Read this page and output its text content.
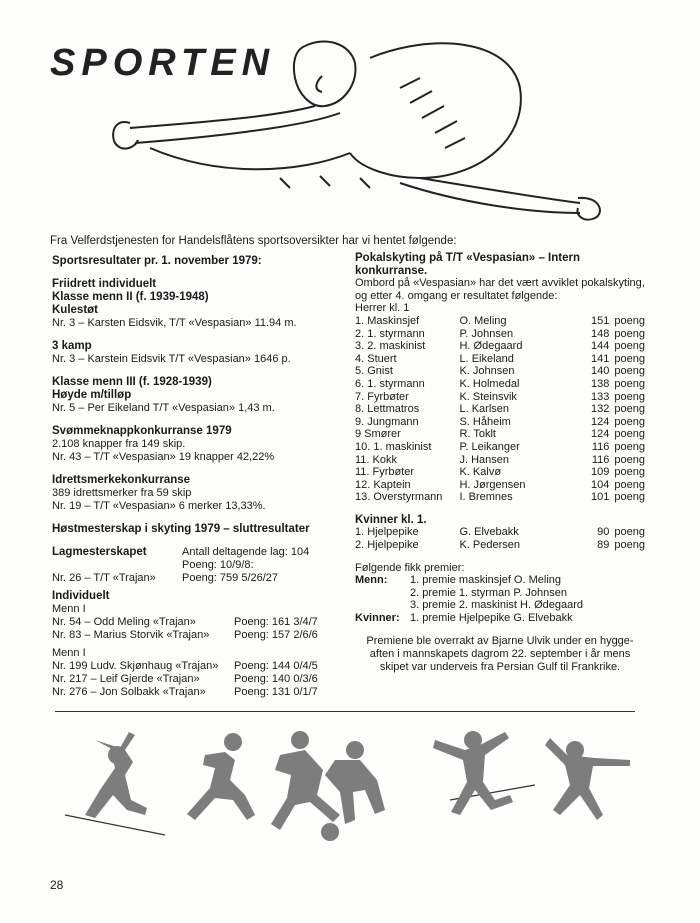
SPORTEN
Fra Velferdstjenesten for Handelsflåtens sportsoversikter har vi hentet følgende:
Sportsresultater pr. 1. november 1979:
Friidrett individuelt
Klasse menn II (f. 1939-1948)
Kulestøt
Nr. 3 – Karsten Eidsvik, T/T «Vespasian» 11.94 m.
3 kamp
Nr. 3 – Karstein Eidsvik T/T «Vespasian» 1646 p.
Klasse menn III (f. 1928-1939)
Høyde m/tilløp
Nr. 5 – Per Eikeland T/T «Vespasian» 1,43 m.
Svømmeknappkonkurranse 1979
2.108 knapper fra 149 skip.
Nr. 43 – T/T «Vespasian» 19 knapper 42,22%
Idrettsmerkekonkurranse
389 idrettsmerker fra 59 skip
Nr. 19 – T/T «Vespasian» 6 merker 13,33%.
Høstmesterskap i skyting 1979 – sluttresultater
Lagmesterskapet	Antall deltagende lag: 104
Poeng: 10/9/8:
Nr. 26 – T/T «Trajan»	Poeng: 759 5/26/27
Individuelt
Menn I
Nr. 54 – Odd Meling «Trajan»	Poeng: 161 3/4/7
Nr. 83 – Marius Storvik «Trajan»	Poeng: 157 2/6/6
Menn I
Nr. 199 Ludv. Skjønhaug «Trajan»	Poeng: 144 0/4/5
Nr. 217 – Leif Gjerde «Trajan»	Poeng: 140 0/3/6
Nr. 276 – Jon Solbakk «Trajan»	Poeng: 131 0/1/7
Pokalskyting på T/T «Vespasian» – Intern
konkurranse.
Ombord på «Vespasian» har det vært avviklet pokalskyting,
og etter 4. omgang er resultatet følgende:
Herrer kl. 1
1. Maskinsjef	O. Meling	151 poeng
2. 1. styrmann	P. Johnsen	148 poeng
3. 2. maskinist	H. Ødegaard	144 poeng
4. Stuert	L. Eikeland	141 poeng
5. Gnist	K. Johnsen	140 poeng
6. 1. styrmann	K. Holmedal	138 poeng
7. Fyrbøter	K. Steinsvik	133 poeng
8. Lettmatros	L. Karlsen	132 poeng
9. Jungmann	S. Håheim	124 poeng
9 Smører	R. Toklt	124 poeng
10. 1. maskinist	P. Leikanger	116 poeng
11. Kokk	J. Hansen	116 poeng
11. Fyrbøter	K. Kalvø	109 poeng
12. Kaptein	H. Jørgensen	104 poeng
13. Overstyrmann	I. Bremnes	101 poeng
Kvinner kl. 1.
1. Hjelpepike	G. Elvebakk	90 poeng
2. Hjelpepike	K. Pedersen	89 poeng
Følgende fikk premier:
Menn:	1. premie maskinsjef O. Meling
2. premie 1. styrman P. Johnsen
3. premie 2. maskinist H. Ødegaard
Kvinner: 1. premie Hjelpepike G. Elvebakk
Premiene ble overrakt av Bjarne Ulvik under en hygge-
aften i mannskapets dagrom 22. september i år mens
skipet var underveis fra Persian Gulf til Frankrike.
28
